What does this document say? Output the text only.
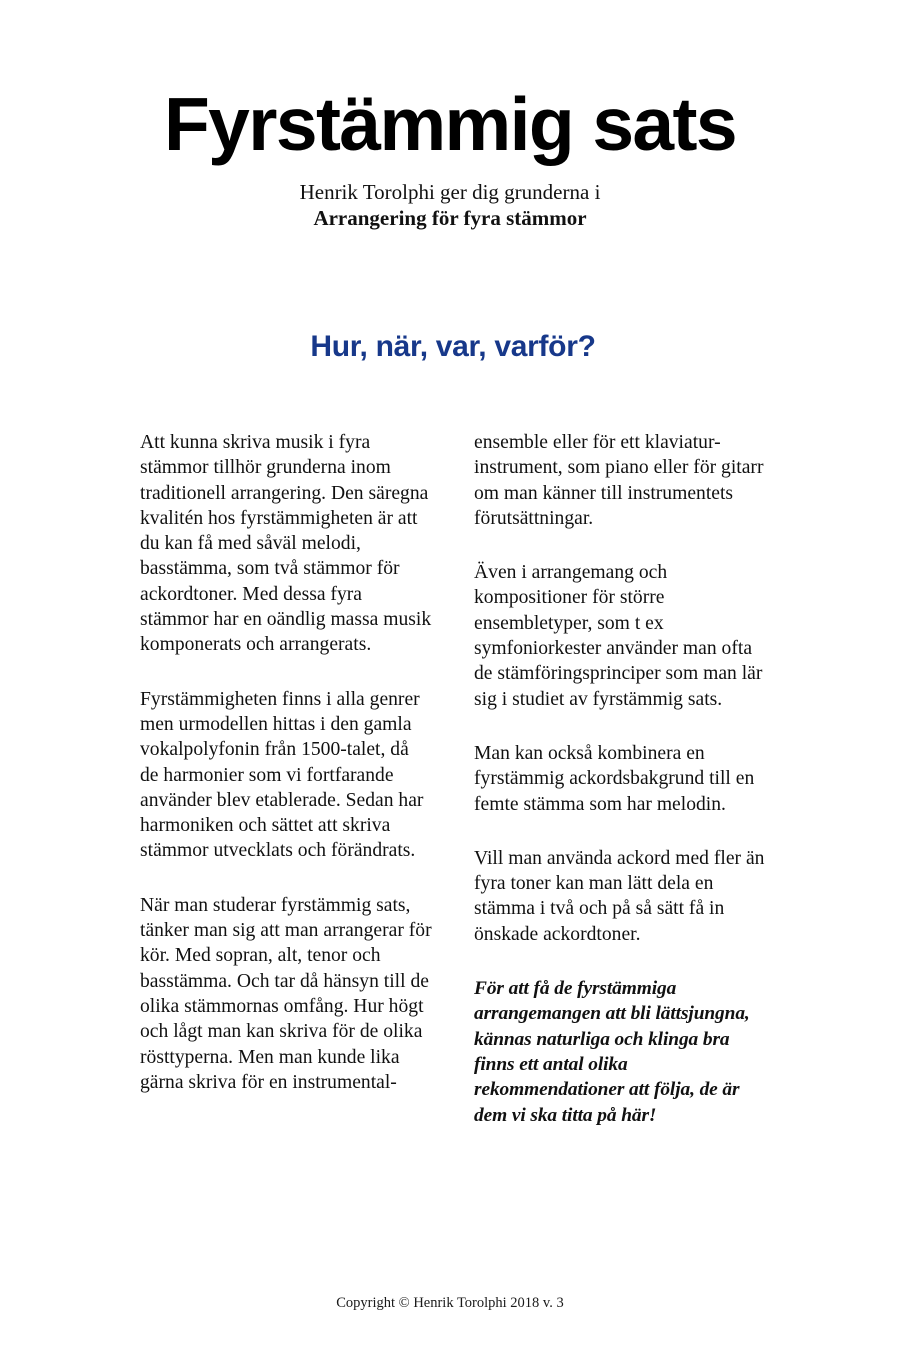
Fyrstämmig sats

Henrik Torolphi ger dig grunderna i

Arrangering för fyra stämmor

Hur, när, var, varför?

Att kunna skriva musik i fyra stämmor tillhör grunderna inom traditionell arrangering. Den säregna kvalitén hos fyrstämmigheten är att du kan få med såväl melodi, basstämma, som två stämmor för ackordtoner. Med dessa fyra stämmor har en oändlig massa musik komponerats och arrangerats.

Fyrstämmigheten finns i alla genrer men urmodellen hittas i den gamla vokalpolyfonin från 1500-talet, då de harmonier som vi fortfarande använder blev etablerade. Sedan har harmoniken och sättet att skriva stämmor utvecklats och förändrats.

När man studerar fyrstämmig sats, tänker man sig att man arrangerar för kör. Med sopran, alt, tenor och basstämma. Och tar då hänsyn till de olika stämmornas omfång. Hur högt och lågt man kan skriva för de olika rösttyperna. Men man kunde lika gärna skriva för en instrumental-

ensemble eller för ett klaviatur-instrument, som piano eller för gitarr om man känner till instrumentets förutsättningar.

Även i arrangemang och kompositioner för större ensembletyper, som t ex symfoniorkester använder man ofta de stämföringsprinciper som man lär sig i studiet av fyrstämmig sats.

Man kan också kombinera en fyrstämmig ackordsbakgrund till en femte stämma som har melodin.

Vill man använda ackord med fler än fyra toner kan man lätt dela en stämma i två och på så sätt få in önskade ackordtoner.

För att få de fyrstämmiga arrangemangen att bli lättsjungna, kännas naturliga och klinga bra finns ett antal olika rekommendationer att följa, de är dem vi ska titta på här!

Copyright © Henrik Torolphi 2018 v. 3
